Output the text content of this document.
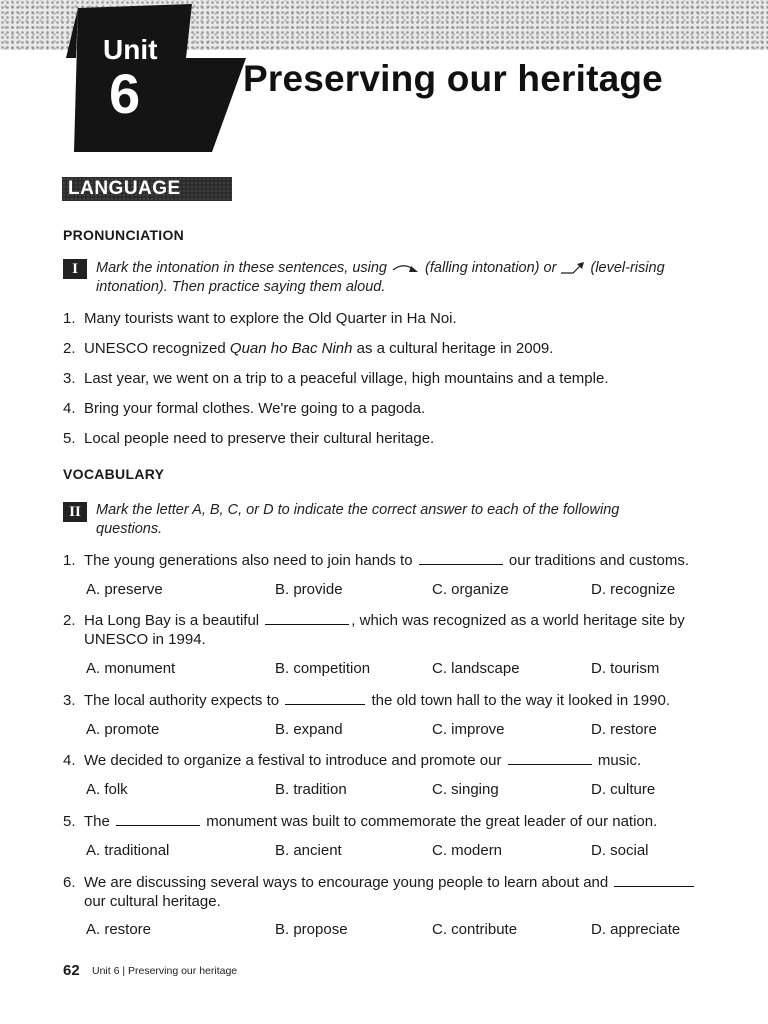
Unit
6	Preserving our heritage
LANGUAGE
PRONUNCIATION
I	Mark the intonation in these sentences, using	(falling intonation) or (level-rising
intonation). Then practice saying them aloud.
1. Many tourists want to explore the Old Quarter in Ha Noi.
2. UNESCO recognized Quan ho Bac Ninh as a cultural heritage in 2009.
3. Last year, we went on a trip to a peaceful village, high mountains and a temple.
4. Bring your formal clothes. We're going to a pagoda.
5. Local people need to preserve their cultural heritage.
VOCABULARY
II	Mark the letter A, B, C, or D to indicate the correct answer to each of the following
questions.
1. The young generations also need to join hands to	our traditions and customs.
A. preserve	B. provide	C. organize	D. recognize
2. Ha Long Bay is a beautiful	, which was recognized as a world heritage site by
UNESCO in 1994.
A. monument	B. competition	C. landscape	D. tourism
3. The local authority expects to	the old town hall to the way it looked in 1990.
A. promote	B. expand	C. improve	D. restore
4. We decided to organize a festival to introduce and promote our	music.
A. folk	B. tradition	C. singing	D. culture
5. The	monument was built to commemorate the great leader of our nation.
A. traditional	B. ancient	C. modern	D. social
6. We are discussing several ways to encourage young people to learn about and
our cultural heritage.
A. restore	B. propose	C. contribute	D. appreciate
62 Unit 6 | Preserving our heritage
